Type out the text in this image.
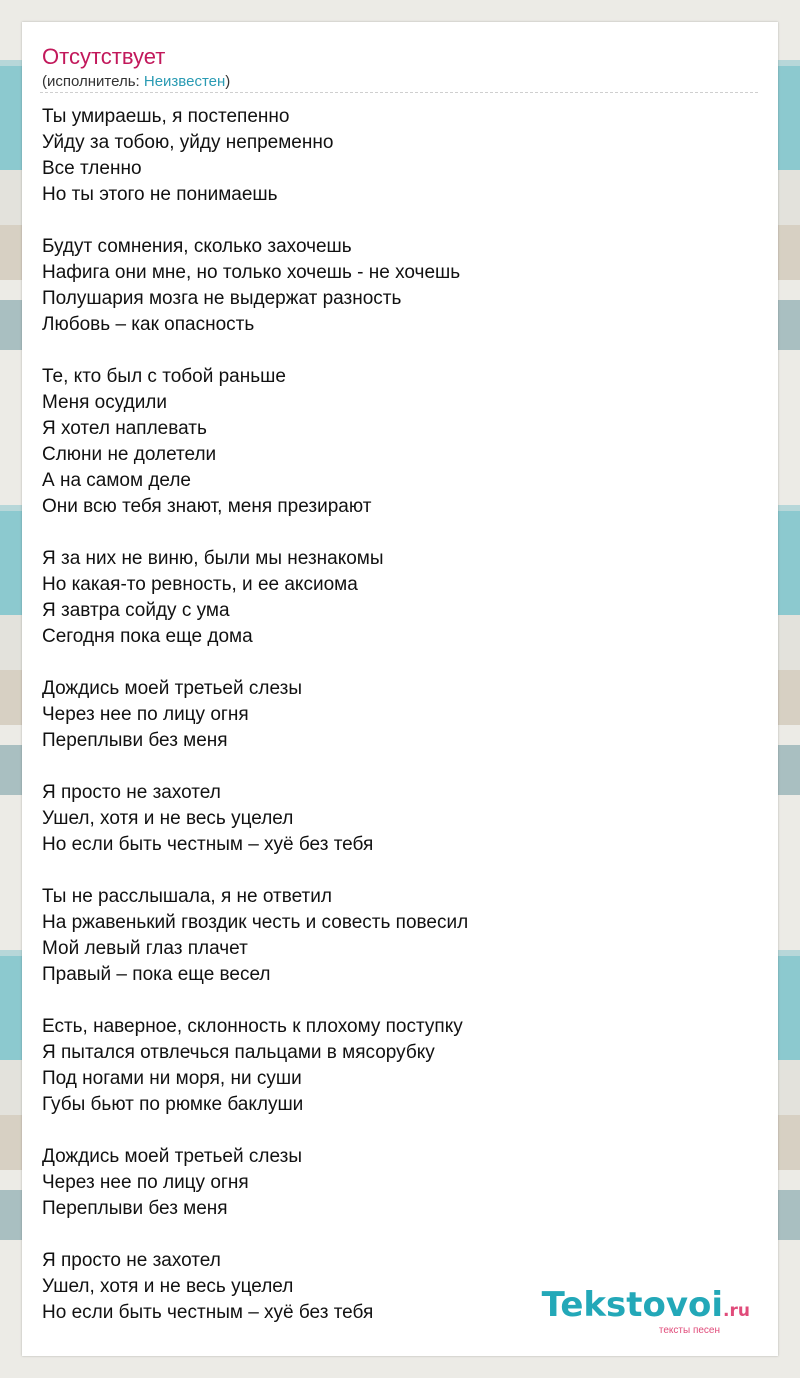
Отсутствует
(исполнитель: Неизвестен)
Ты умираешь, я постепенно
Уйду за тобою, уйду непременно
Все тленно
Но ты этого не понимаешь
Будут сомнения, сколько захочешь
Нафига они мне, но только хочешь - не хочешь
Полушария мозга не выдержат разность
Любовь – как опасность
Те, кто был с тобой раньше
Меня осудили
Я хотел наплевать
Слюни не долетели
А на самом деле
Они всю тебя знают, меня презирают
Я за них не виню, были мы незнакомы
Но какая-то ревность, и ее аксиома
Я завтра сойду с ума
Сегодня пока еще дома
Дождись моей третьей слезы
Через нее по лицу огня
Переплыви без меня
Я просто не захотел
Ушел, хотя и не весь уцелел
Но если быть честным – хуё без тебя
Ты не расслышала, я не ответил
На ржавенький гвоздик честь и совесть повесил
Мой левый глаз плачет
Правый – пока еще весел
Есть, наверное, склонность к плохому поступку
Я пытался отвлечься пальцами в мясорубку
Под ногами ни моря, ни суши
Губы бьют по рюмке баклуши
Дождись моей третьей слезы
Через нее по лицу огня
Переплыви без меня
Я просто не захотел
Ушел, хотя и не весь уцелел
Но если быть честным – хуё без тебя	Tekstovoi.ru
тексты песен
